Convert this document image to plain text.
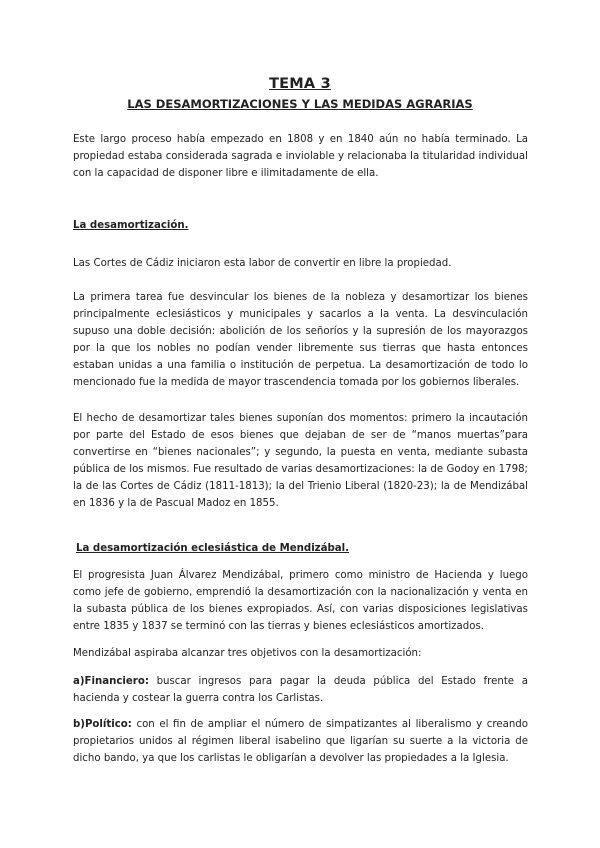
TEMA 3
LAS DESAMORTIZACIONES Y LAS MEDIDAS AGRARIAS

Este largo proceso había empezado en 1808 y en 1840 aún no había terminado. La propiedad estaba considerada sagrada e inviolable y relacionaba la titularidad individual con la capacidad de disponer libre e ilimitadamente de ella.

La desamortización.

Las Cortes de Cádiz iniciaron esta labor de convertir en libre la propiedad.

La primera tarea fue desvincular los bienes de la nobleza y desamortizar los bienes principalmente eclesiásticos y municipales y sacarlos a la venta. La desvinculación supuso una doble decisión: abolición de los señoríos y la supresión de los mayorazgos por la que los nobles no podían vender libremente sus tierras que hasta entonces estaban unidas a una familia o institución de perpetua. La desamortización de todo lo mencionado fue la medida de mayor trascendencia tomada por los gobiernos liberales.

El hecho de desamortizar tales bienes suponían dos momentos: primero la incautación por parte del Estado de esos bienes que dejaban de ser de “manos muertas”para convertirse en “bienes nacionales”; y segundo, la puesta en venta, mediante subasta pública de los mismos. Fue resultado de varias desamortizaciones: la de Godoy en 1798; la de las Cortes de Cádiz (1811-1813); la del Trienio Liberal (1820-23); la de Mendizábal en 1836 y la de Pascual Madoz en 1855.

La desamortización eclesiástica de Mendizábal.

El progresista Juan Álvarez Mendizábal, primero como ministro de Hacienda y luego como jefe de gobierno, emprendió la desamortización con la nacionalización y venta en la subasta pública de los bienes expropiados. Así, con varias disposiciones legislativas entre 1835 y 1837 se terminó con las tierras y bienes eclesiásticos amortizados.

Mendizábal aspiraba alcanzar tres objetivos con la desamortización:

a)Financiero: buscar ingresos para pagar la deuda pública del Estado frente a hacienda y costear la guerra contra los Carlistas.

b)Político: con el fin de ampliar el número de simpatizantes al liberalismo y creando propietarios unidos al régimen liberal isabelino que ligarían su suerte a la victoria de dicho bando, ya que los carlistas le obligarían a devolver las propiedades a la Iglesia.
